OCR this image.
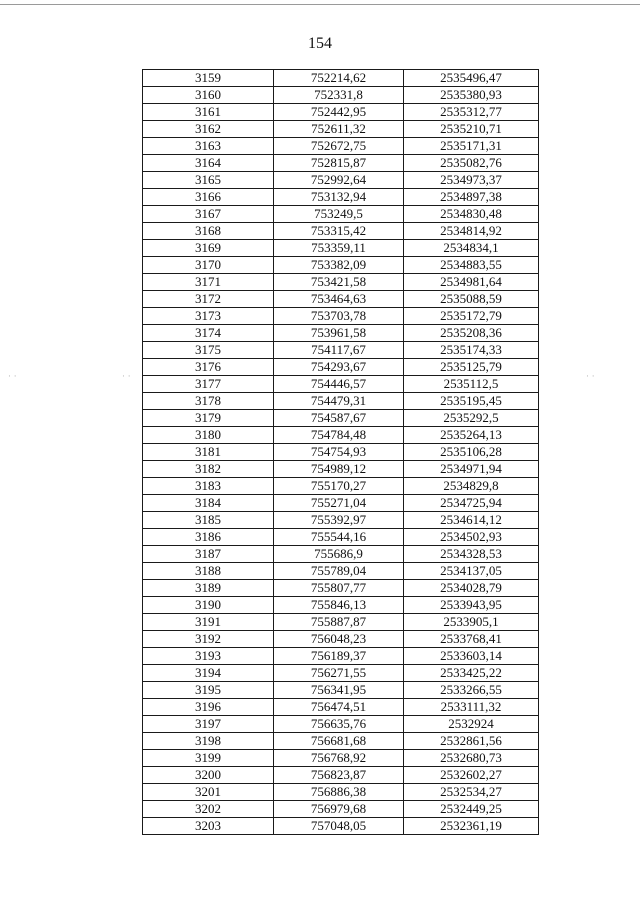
154
· ·	· ·	· ·
3159	752214,62	2535496,47
3160	752331,8	2535380,93
3161	752442,95	2535312,77
3162	752611,32	2535210,71
3163	752672,75	2535171,31
3164	752815,87	2535082,76
3165	752992,64	2534973,37
3166	753132,94	2534897,38
3167	753249,5	2534830,48
3168	753315,42	2534814,92
3169	753359,11	2534834,1
3170	753382,09	2534883,55
3171	753421,58	2534981,64
3172	753464,63	2535088,59
3173	753703,78	2535172,79
3174	753961,58	2535208,36
3175	754117,67	2535174,33
3176	754293,67	2535125,79
3177	754446,57	2535112,5
3178	754479,31	2535195,45
3179	754587,67	2535292,5
3180	754784,48	2535264,13
3181	754754,93	2535106,28
3182	754989,12	2534971,94
3183	755170,27	2534829,8
3184	755271,04	2534725,94
3185	755392,97	2534614,12
3186	755544,16	2534502,93
3187	755686,9	2534328,53
3188	755789,04	2534137,05
3189	755807,77	2534028,79
3190	755846,13	2533943,95
3191	755887,87	2533905,1
3192	756048,23	2533768,41
3193	756189,37	2533603,14
3194	756271,55	2533425,22
3195	756341,95	2533266,55
3196	756474,51	2533111,32
3197	756635,76	2532924
3198	756681,68	2532861,56
3199	756768,92	2532680,73
3200	756823,87	2532602,27
3201	756886,38	2532534,27
3202	756979,68	2532449,25
3203	757048,05	2532361,19
